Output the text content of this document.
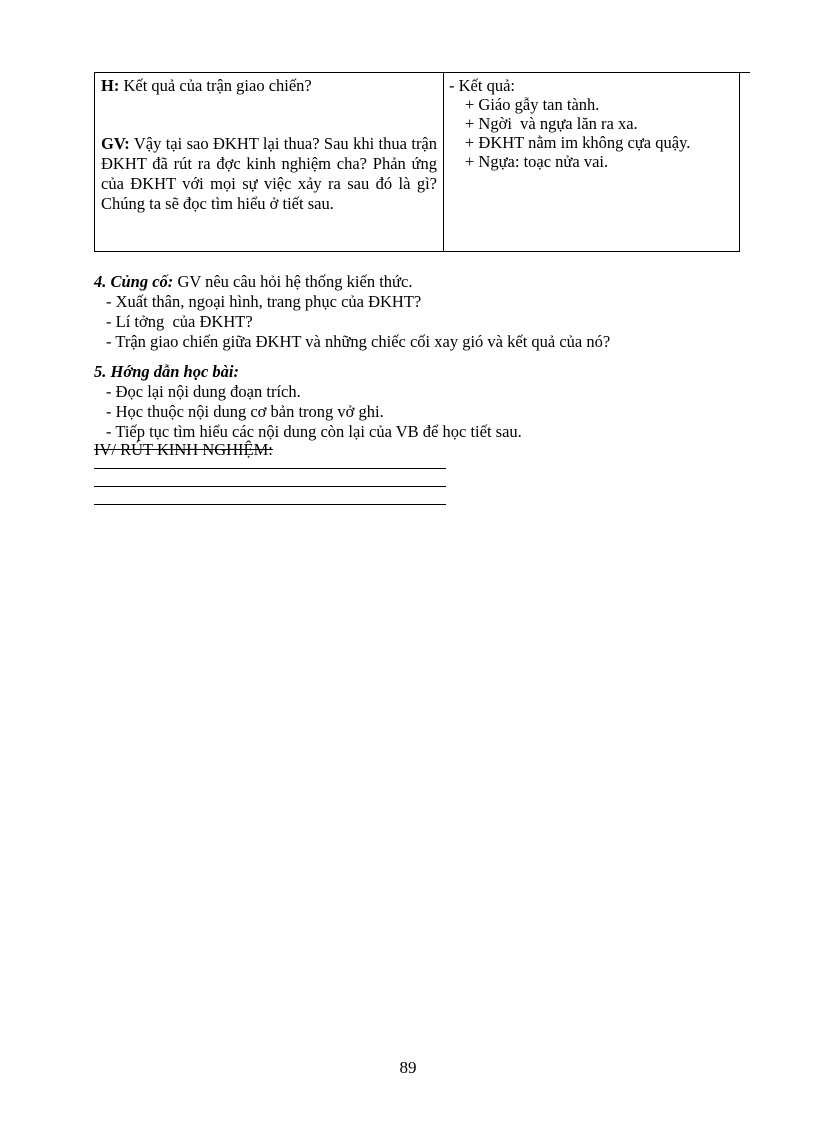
H: Kết quả của trận giao chiến?

GV: Vậy tại sao ĐKHT lại thua? Sau khi thua trận ĐKHT đã rút ra đợc kinh nghiệm cha? Phản ứng của ĐKHT với mọi sự việc xảy ra sau đó là gì? Chúng ta sẽ đọc tìm hiểu ở tiết sau.

- Kết quả:

+ Giáo gẫy tan tành.

+ Ngời  và ngựa lăn ra xa.

+ ĐKHT nằm im không cựa quậy.

+ Ngựa: toạc nửa vai.

4. Củng cố: GV nêu câu hỏi hệ thống kiến thức.

- Xuất thân, ngoại hình, trang phục của ĐKHT?

- Lí tởng  của ĐKHT?

- Trận giao chiến giữa ĐKHT và những chiếc cối xay gió và kết quả của nó?

5. Hớng dẫn học bài:

- Đọc lại nội dung đoạn trích.

- Học thuộc nội dung cơ bản trong vở ghi.

- Tiếp tục tìm hiểu các nội dung còn lại của VB để học tiết sau.

IV/ RÚT KINH NGHIỆM:

89
